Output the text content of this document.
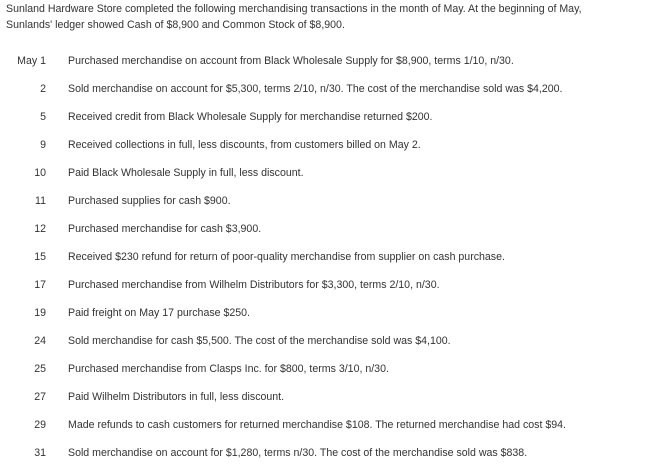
Sunland Hardware Store completed the following merchandising transactions in the month of May. At the beginning of May,
Sunlands' ledger showed Cash of $8,900 and Common Stock of $8,900.
May 1 Purchased merchandise on account from Black Wholesale Supply for $8,900, terms 1/10, n/30.
2 Sold merchandise on account for $5,300, terms 2/10, n/30. The cost of the merchandise sold was $4,200.
5 Received credit from Black Wholesale Supply for merchandise returned $200.
9 Received collections in full, less discounts, from customers billed on May 2.
10 Paid Black Wholesale Supply in full, less discount.
11 Purchased supplies for cash $900.
12 Purchased merchandise for cash $3,900.
15 Received $230 refund for return of poor-quality merchandise from supplier on cash purchase.
17 Purchased merchandise from Wilhelm Distributors for $3,300, terms 2/10, n/30.
19 Paid freight on May 17 purchase $250.
24 Sold merchandise for cash $5,500. The cost of the merchandise sold was $4,100.
25 Purchased merchandise from Clasps Inc. for $800, terms 3/10, n/30.
27 Paid Wilhelm Distributors in full, less discount.
29 Made refunds to cash customers for returned merchandise $108. The returned merchandise had cost $94.
31 Sold merchandise on account for $1,280, terms n/30. The cost of the merchandise sold was $838.
